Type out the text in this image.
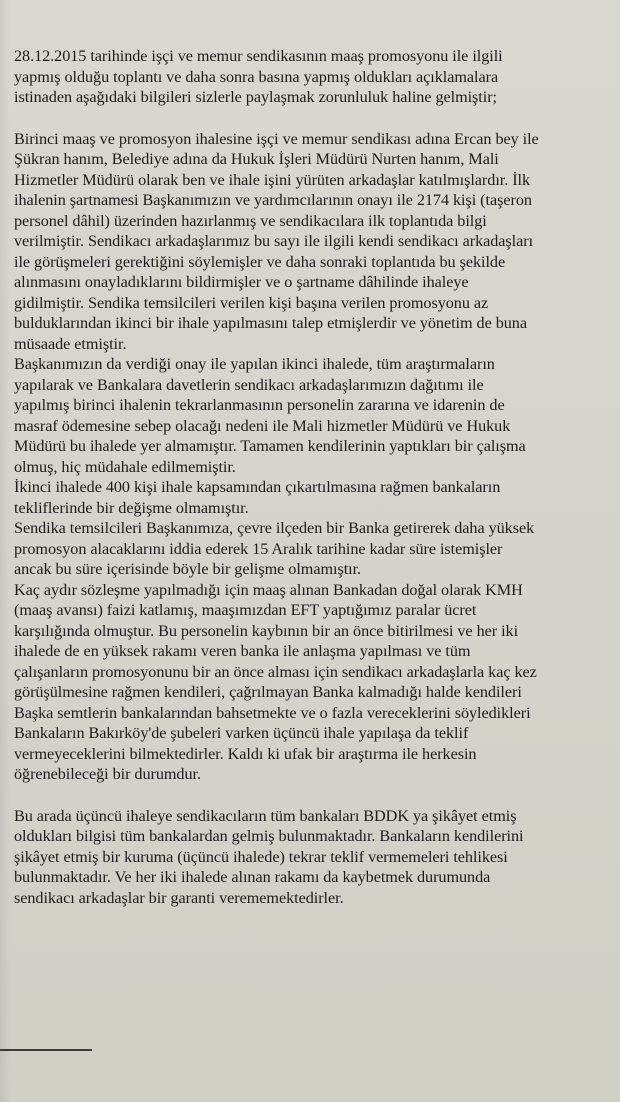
28.12.2015 tarihinde işçi ve memur sendikasının maaş promosyonu ile ilgili
yapmış olduğu toplantı ve daha sonra basına yapmış oldukları açıklamalara
istinaden aşağıdaki bilgileri sizlerle paylaşmak zorunluluk haline gelmiştir;

Birinci maaş ve promosyon ihalesine işçi ve memur sendikası adına Ercan bey ile
Şükran hanım, Belediye adına da Hukuk İşleri Müdürü Nurten hanım, Mali
Hizmetler Müdürü olarak ben ve ihale işini yürüten arkadaşlar katılmışlardır. İlk
ihalenin şartnamesi Başkanımızın ve yardımcılarının onayı ile 2174 kişi (taşeron
personel dâhil) üzerinden hazırlanmış ve sendikacılara ilk toplantıda bilgi
verilmiştir. Sendikacı arkadaşlarımız bu sayı ile ilgili kendi sendikacı arkadaşları
ile görüşmeleri gerektiğini söylemişler ve daha sonraki toplantıda bu şekilde
alınmasını onayladıklarını bildirmişler ve o şartname dâhilinde ihaleye
gidilmiştir. Sendika temsilcileri verilen kişi başına verilen promosyonu az
bulduklarından ikinci bir ihale yapılmasını talep etmişlerdir ve yönetim de buna
müsaade etmiştir.

Başkanımızın da verdiği onay ile yapılan ikinci ihalede, tüm araştırmaların
yapılarak ve Bankalara davetlerin sendikacı arkadaşlarımızın dağıtımı ile
yapılmış birinci ihalenin tekrarlanmasının personelin zararına ve idarenin de
masraf ödemesine sebep olacağı nedeni ile Mali hizmetler Müdürü ve Hukuk
Müdürü bu ihalede yer almamıştır. Tamamen kendilerinin yaptıkları bir çalışma
olmuş, hiç müdahale edilmemiştir.

İkinci ihalede 400 kişi ihale kapsamından çıkartılmasına rağmen bankaların
tekliflerinde bir değişme olmamıştır.

Sendika temsilcileri Başkanımıza, çevre ilçeden bir Banka getirerek daha yüksek
promosyon alacaklarını iddia ederek 15 Aralık tarihine kadar süre istemişler
ancak bu süre içerisinde böyle bir gelişme olmamıştır.

Kaç aydır sözleşme yapılmadığı için maaş alınan Bankadan doğal olarak KMH
(maaş avansı) faizi katlamış, maaşımızdan EFT yaptığımız paralar ücret
karşılığında olmuştur. Bu personelin kaybının bir an önce bitirilmesi ve her iki
ihalede de en yüksek rakamı veren banka ile anlaşma yapılması ve tüm
çalışanların promosyonunu bir an önce alması için sendikacı arkadaşlarla kaç kez
görüşülmesine rağmen kendileri, çağrılmayan Banka kalmadığı halde kendileri
Başka semtlerin bankalarından bahsetmekte ve o fazla vereceklerini söyledikleri
Bankaların Bakırköy'de şubeleri varken üçüncü ihale yapılaşa da teklif
vermeyeceklerini bilmektedirler. Kaldı ki ufak bir araştırma ile herkesin
öğrenebileceği bir durumdur.

Bu arada üçüncü ihaleye sendikacıların tüm bankaları BDDK ya şikâyet etmiş
oldukları bilgisi tüm bankalardan gelmiş bulunmaktadır. Bankaların kendilerini
şikâyet etmiş bir kuruma (üçüncü ihalede) tekrar teklif vermemeleri tehlikesi
bulunmaktadır. Ve her iki ihalede alınan rakamı da kaybetmek durumunda
sendikacı arkadaşlar bir garanti verememektedirler.
